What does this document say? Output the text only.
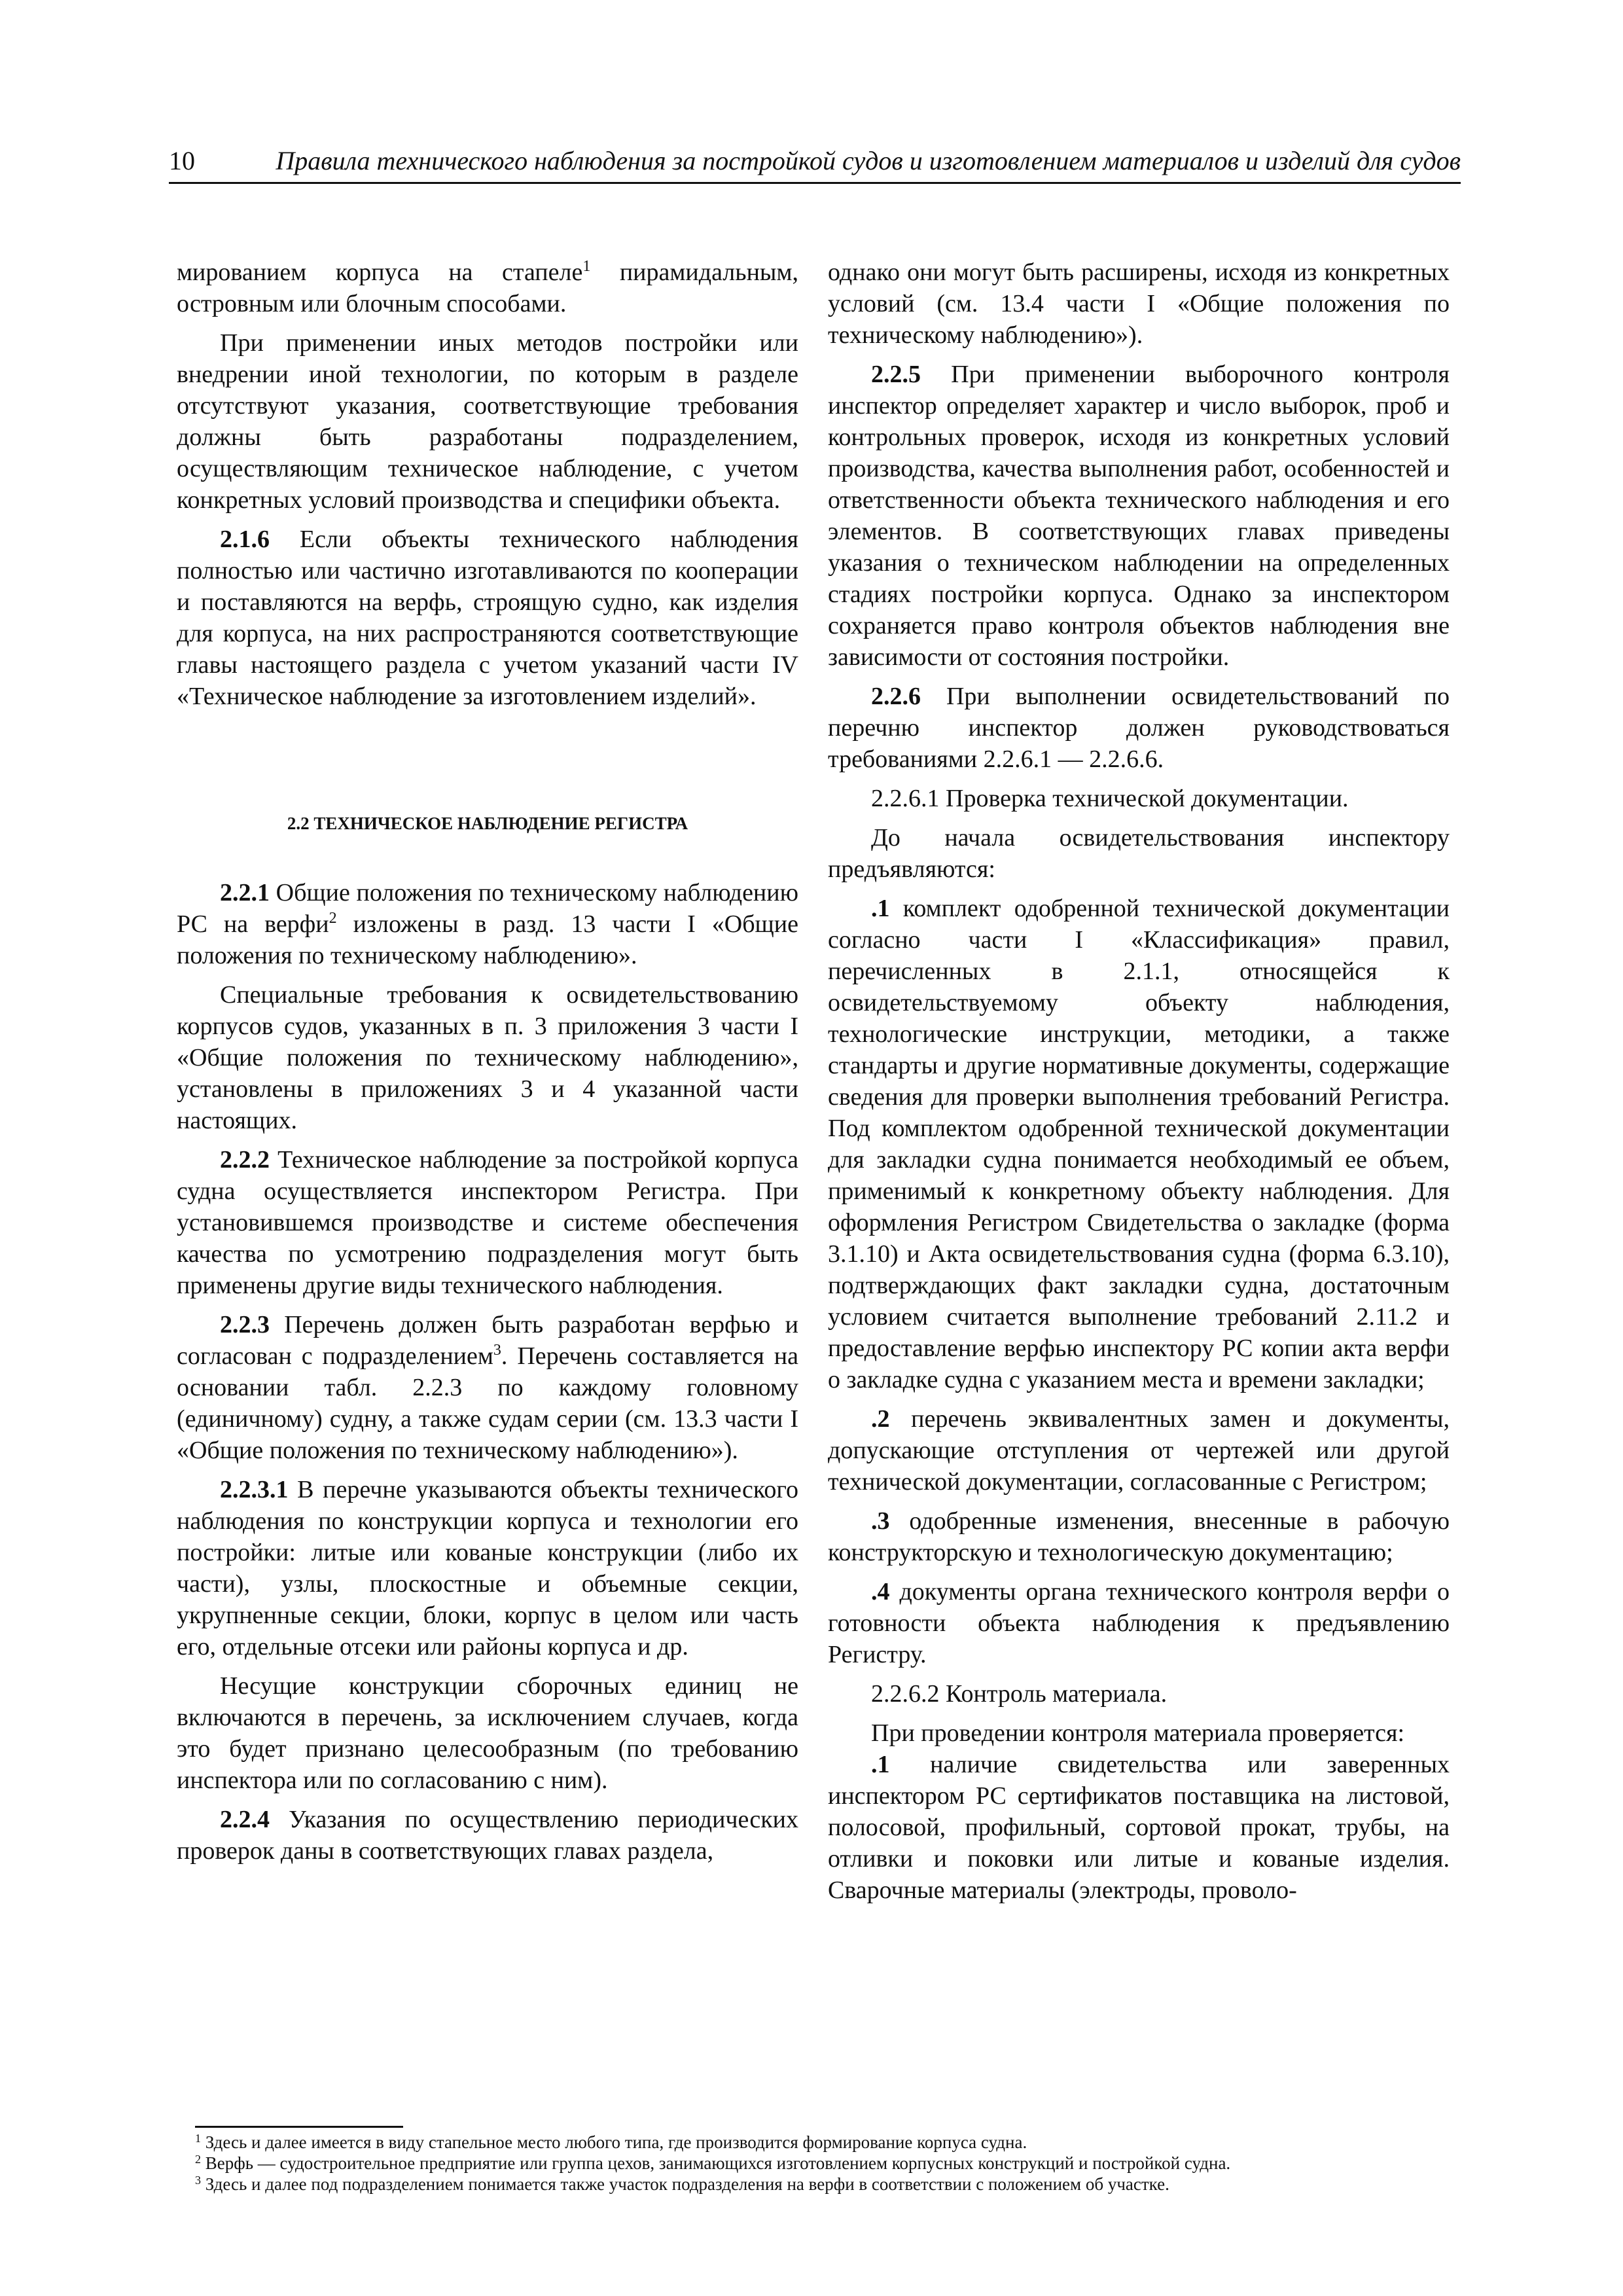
10	Правила технического наблюдения за постройкой судов и изготовлением материалов и изделий для судов

мированием корпуса на стапеле$^1$ пирамидальным, островным или блочным способами.

При применении иных методов постройки или внедрении иной технологии, по которым в разделе отсутствуют указания, соответствующие требования должны быть разработаны подразделением, осуществляющим техническое наблюдение, с учетом конкретных условий производства и специфики объекта.

2.1.6 Если объекты технического наблюдения полностью или частично изготавливаются по кооперации и поставляются на верфь, строящую судно, как изделия для корпуса, на них распространяются соответствующие главы настоящего раздела с учетом указаний части IV «Техническое наблюдение за изготовлением изделий».

2.2 ТЕХНИЧЕСКОЕ НАБЛЮДЕНИЕ РЕГИСТРА

2.2.1 Общие положения по техническому наблюдению РС на верфи$^2$ изложены в разд. 13 части I «Общие положения по техническому наблюдению».

Специальные требования к освидетельствованию корпусов судов, указанных в п. 3 приложения 3 части I «Общие положения по техническому наблюдению», установлены в приложениях 3 и 4 указанной части настоящих.

2.2.2 Техническое наблюдение за постройкой корпуса судна осуществляется инспектором Регистра. При установившемся производстве и системе обеспечения качества по усмотрению подразделения могут быть применены другие виды технического наблюдения.

2.2.3 Перечень должен быть разработан верфью и согласован с подразделением$^3$. Перечень составляется на основании табл. 2.2.3 по каждому головному (единичному) судну, а также судам серии (см. 13.3 части I «Общие положения по техническому наблюдению»).

2.2.3.1 В перечне указываются объекты технического наблюдения по конструкции корпуса и технологии его постройки: литые или кованые конструкции (либо их части), узлы, плоскостные и объемные секции, укрупненные секции, блоки, корпус в целом или часть его, отдельные отсеки или районы корпуса и др.

Несущие конструкции сборочных единиц не включаются в перечень, за исключением случаев, когда это будет признано целесообразным (по требованию инспектора или по согласованию с ним).

2.2.4 Указания по осуществлению периодических проверок даны в соответствующих главах раздела,

однако они могут быть расширены, исходя из конкретных условий (см. 13.4 части I «Общие положения по техническому наблюдению»).

2.2.5 При применении выборочного контроля инспектор определяет характер и число выборок, проб и контрольных проверок, исходя из конкретных условий производства, качества выполнения работ, особенностей и ответственности объекта технического наблюдения и его элементов. В соответствующих главах приведены указания о техническом наблюдении на определенных стадиях постройки корпуса. Однако за инспектором сохраняется право контроля объектов наблюдения вне зависимости от состояния постройки.

2.2.6 При выполнении освидетельствований по перечню инспектор должен руководствоваться требованиями 2.2.6.1 — 2.2.6.6.

2.2.6.1 Проверка технической документации.

До начала освидетельствования инспектору предъявляются:

.1 комплект одобренной технической документации согласно части I «Классификация» правил, перечисленных в 2.1.1, относящейся к освидетельствуемому объекту наблюдения, технологические инструкции, методики, а также стандарты и другие нормативные документы, содержащие сведения для проверки выполнения требований Регистра. Под комплектом одобренной технической документации для закладки судна понимается необходимый ее объем, применимый к конкретному объекту наблюдения. Для оформления Регистром Свидетельства о закладке (форма 3.1.10) и Акта освидетельствования судна (форма 6.3.10), подтверждающих факт закладки судна, достаточным условием считается выполнение требований 2.11.2 и предоставление верфью инспектору РС копии акта верфи о закладке судна с указанием места и времени закладки;

.2 перечень эквивалентных замен и документы, допускающие отступления от чертежей или другой технической документации, согласованные с Регистром;

.3 одобренные изменения, внесенные в рабочую конструкторскую и технологическую документацию;

.4 документы органа технического контроля верфи о готовности объекта наблюдения к предъявлению Регистру.

2.2.6.2 Контроль материала.

При проведении контроля материала проверяется:

.1 наличие свидетельства или заверенных инспектором РС сертификатов поставщика на листовой, полосовой, профильный, сортовой прокат, трубы, на отливки и поковки или литые и кованые изделия. Сварочные материалы (электроды, проволо-

$^1$ Здесь и далее имеется в виду стапельное место любого типа, где производится формирование корпуса судна.

$^2$ Верфь — судостроительное предприятие или группа цехов, занимающихся изготовлением корпусных конструкций и постройкой судна.

$^3$ Здесь и далее под подразделением понимается также участок подразделения на верфи в соответствии с положением об участке.
